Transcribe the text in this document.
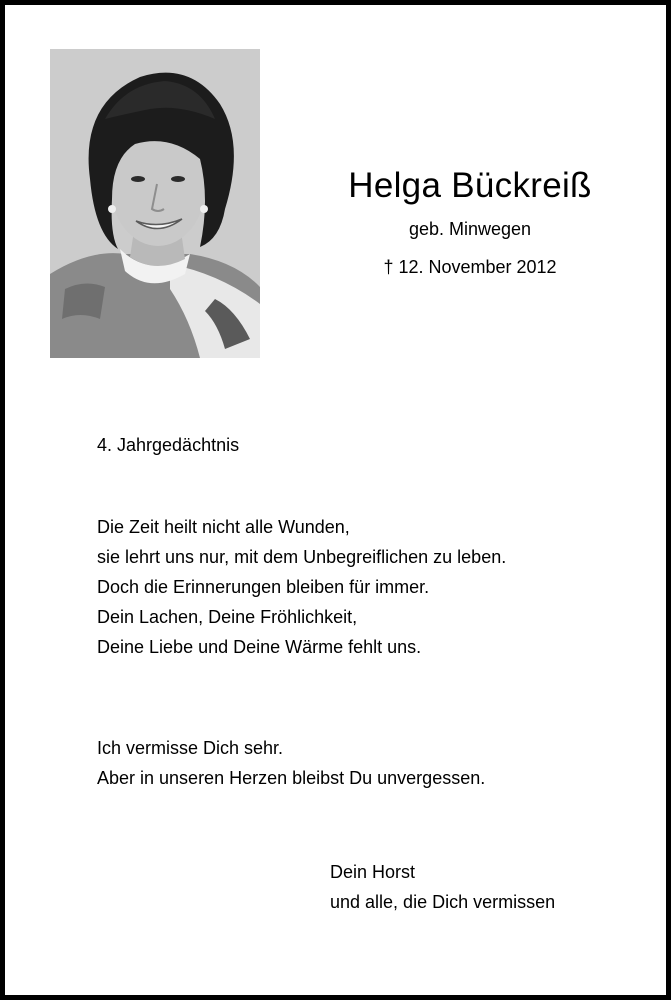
Helga Bückreiß
geb. Minwegen
† 12. November 2012
4. Jahrgedächtnis
Die Zeit heilt nicht alle Wunden,
sie lehrt uns nur, mit dem Unbegreiflichen zu leben.
Doch die Erinnerungen bleiben für immer.
Dein Lachen, Deine Fröhlichkeit,
Deine Liebe und Deine Wärme fehlt uns.
Ich vermisse Dich sehr.
Aber in unseren Herzen bleibst Du unvergessen.
Dein Horst
und alle, die Dich vermissen
